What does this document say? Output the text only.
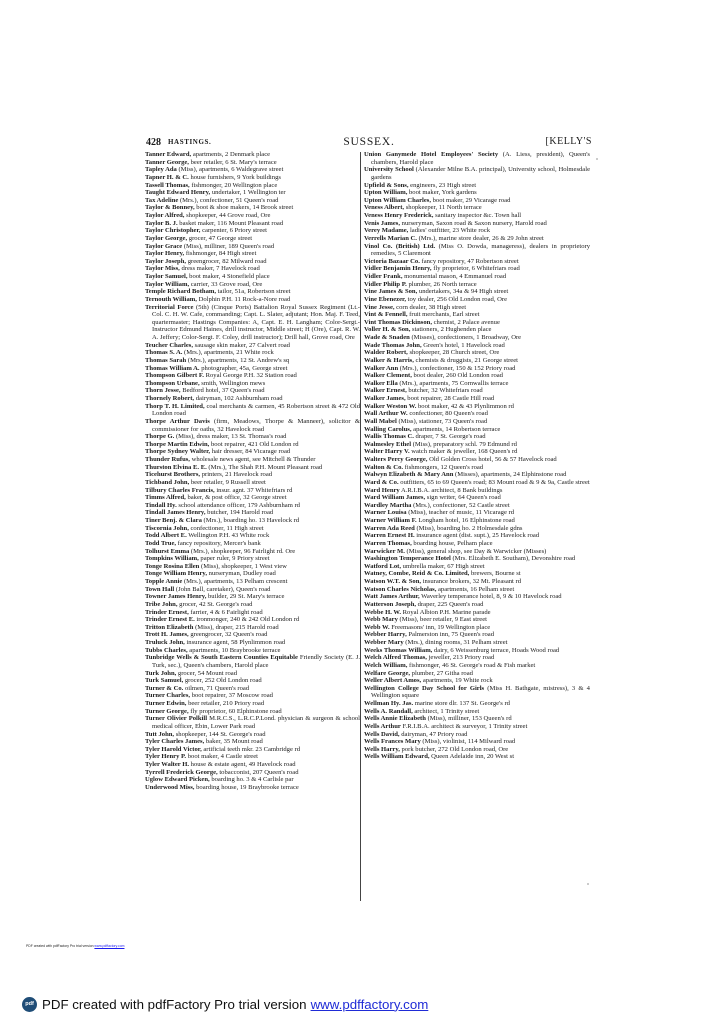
428 HASTINGS.	SUSSEX.	[KELLY'S
Tanner Edward, apartments, 2 Denmark place
Tanner George, beer retailer, 6 St. Mary's terrace
Tapley Ada (Miss), apartments, 6 Waldegrave street
Tapner H. & C. house furnishers, 9 York buildings
Tassell Thomas, fishmonger, 20 Wellington place
Taught Edward Henry, undertaker, 1 Wellington ter
Tax Adeline (Mrs.), confectioner, 51 Queen's road
Taylor & Bonney, boot & shoe makers, 14 Brook street
Taylor Alfred, shopkeeper, 44 Grove road, Ore
Taylor B. J. basket maker, 116 Mount Pleasant road
Taylor Christopher, carpenter, 6 Priory street
Taylor George, grocer, 47 George street
Taylor Grace (Miss), milliner, 189 Queen's road
Taylor Henry, fishmonger, 84 High street
Taylor Joseph, greengrocer, 82 Milward road
Taylor Miss, dress maker, 7 Havelock road
Taylor Samuel, boot maker, 4 Stonefield place
Taylor William, carrier, 33 Grove road, Ore
Temple Richard Botham, tailor, 51a, Robertson street
Ternouth William, Dolphin P.H. 11 Rock-a-Nore road
Territorial Force (5th) (Cinque Ports) Battalion Royal Sussex Regiment (Lt.-Col. C. H. W. Cafe, commanding; Capt. L. Slater, adjutant; Hon. Maj. F. Teed, quartermaster; Hastings Companies: A, Capt. E. H. Langham; Color-Sergt.-Instructor Edmund Haines, drill instructor, Middle street; H (Ore), Capt. R. W. A. Jeffery; Color-Sergt. F. Coley, drill instructor); Drill hall, Grove road, Ore
Teucher Charles, sausage skin maker, 27 Calvert road
Thomas S. A. (Mrs.), apartments, 21 White rock
Thomas Sarah (Mrs.), apartments, 12 St. Andrew's sq
Thomas William A. photographer, 45a, George street
Thompson Gilbert F. Royal George P.H. 32 Station road
Thompson Urbane, smith, Wellington mews
Thorn Jesse, Bedford hotel, 37 Queen's road
Thornely Robert, dairyman, 102 Ashburnham road
Thorp T. H. Limited, coal merchants & carmen, 45 Robertson street & 472 Old London road
Thorpe Arthur Davis (firm, Meadows, Thorpe & Manneer), solicitor & commissioner for oaths, 32 Havelock road
Thorpe G. (Miss), dress maker, 13 St. Thomas's road
Thorpe Martin Edwin, boot repairer, 421 Old London rd
Thorpe Sydney Walter, hair dresser, 84 Vicarage road
Thunder Rufus, wholesale news agent, see Mitchell & Thunder
Thurston Elvina E. E. (Mrs.), The Shah P.H. Mount Pleasant road
Ticehurst Brothers, printers, 21 Havelock road
Tichband John, beer retailer, 9 Russell street
Tilbury Charles Francis, insur. agnt. 37 Whitefriars rd
Timms Alfred, baker, & post office, 32 George street
Tindall Hy. school attendance officer, 179 Ashburnham rd
Tindall James Henry, butcher, 194 Harold road
Tiner Benj. & Clara (Mrs.), boarding ho. 13 Havelock rd
Tiscornia John, confectioner, 11 High street
Todd Albert E. Wellington P.H. 43 White rock
Todd True, fancy repository, Mercer's bank
Tolhurst Emma (Mrs.), shopkeeper, 96 Fairlight rd. Ore
Tompkins William, paper ruler, 9 Priory street
Tonge Rosina Ellen (Miss), shopkeeper, 1 West view
Tonge William Henry, nurseryman, Dudley road
Topple Annie (Mrs.), apartments, 13 Pelham crescent
Town Hall (John Ball, caretaker), Queen's road
Towner James Henry, builder, 29 St. Mary's terrace
Tribe John, grocer, 42 St. George's road
Trinder Ernest, farrier, 4 & 6 Fairlight road
Trinder Ernest E. ironmonger, 240 & 242 Old London rd
Tritton Elizabeth (Miss), draper, 215 Harold road
Trott H. James, greengrocer, 32 Queen's road
Truluck John, insurance agent, 58 Plynlimmon road
Tubbs Charles, apartments, 10 Braybrooke terrace
Tunbridge Wells & South Eastern Counties Equitable Friendly Society (E. J. Turk, sec.), Queen's chambers, Harold place
Turk John, grocer, 54 Mount road
Turk Samuel, grocer, 252 Old London road
Turner & Co. oilmen, 71 Queen's road
Turner Charles, boot repairer, 37 Moscow road
Turner Edwin, beer retailer, 210 Priory road
Turner George, fly proprietor, 60 Elphinstone road
Turner Olivier Polkill M.R.C.S., L.R.C.P.Lond. physician & surgeon & school medical officer, Ebin, Lower Park road
Tutt John, shopkeeper, 144 St. George's road
Tyler Charles James, baker, 35 Mount road
Tyler Harold Victor, artificial teeth mkr. 23 Cambridge rd
Tyler Henry P. boot maker, 4 Castle street
Tyler Walter H. house & estate agent, 49 Havelock road
Tyrrell Frederick George, tobacconist, 207 Queen's road
Uglow Edward Picken, boarding ho. 3 & 4 Carlisle par
Underwood Miss, boarding house, 19 Braybrooke terrace
Union Ganymede Hotel Employees' Society (A. Liess, president), Queen's chambers, Harold place
University School (Alexander Milne B.A. principal), University school, Holmesdale gardens
Upfield & Sons, engineers, 23 High street
Upton William, boot maker, York gardens
Upton William Charles, boot maker, 29 Vicarage road
Veness Albert, shopkeeper, 11 North terrace
Veness Henry Frederick, sanitary inspector &c. Town hall
Venis James, nurseryman, Saxon road & Saxon nursery, Harold road
Verey Madame, ladies' outfitter, 23 White rock
Verrells Marian C. (Mrs.), marine store dealer, 26 & 29 John street
Vinol Co. (British) Ltd. (Miss O. Dowda, manageress), dealers in proprietory remedies, 5 Claremont
Victoria Bazaar Co. fancy repository, 47 Robertson street
Vidler Benjamin Henry, fly proprietor, 6 Whitefriars road
Vidler Frank, monumental mason, 4 Emmanuel road
Vidler Philip P. plumber, 26 North terrace
Vine James & Son, undertakers, 34a & 94 High street
Vine Ebenezer, toy dealer, 256 Old London road, Ore
Vine Jesse, corn dealer, 38 High street
Vint & Fennell, fruit merchants, Earl street
Vint Thomas Dickinson, chemist, 2 Palace avenue
Voller H. & Son, stationers, 2 Hughenden place
Wade & Snaden (Misses), confectioners, 1 Broadway, Ore
Wade Thomas John, Green's hotel, 1 Havelock road
Walder Robert, shopkeeper, 28 Church street, Ore
Walker & Harris, chemists & druggists, 21 George street
Walker Ann (Mrs.), confectioner, 150 & 152 Priory road
Walker Clement, boot dealer, 260 Old London road
Walker Ella (Mrs.), apartments, 75 Cornwallis terrace
Walker Ernest, butcher, 32 Whitefriars road
Walker James, boot repairer, 28 Castle Hill road
Walker Weston W. boot maker, 42 & 43 Plynlimmon rd
Wall Arthur W. confectioner, 80 Queen's road
Wall Mabel (Miss), stationer, 73 Queen's road
Walling Carolus, apartments, 14 Robertson terrace
Wallis Thomas C. draper, 7 St. George's road
Walmesley Ethel (Miss), preparatory schl. 79 Edmund rd
Walter Harry V. watch maker & jeweller, 168 Queen's rd
Walters Percy George, Old Golden Cross hotel, 56 & 57 Havelock road
Walton & Co. fishmongers, 12 Queen's road
Walwyn Elizabeth & Mary Ann (Misses), apartments, 24 Elphinstone road
Ward & Co. outfitters, 65 to 69 Queen's road; 83 Mount road & 9 & 9a, Castle street
Ward Henry A.R.I.B.A. architect, 8 Bank buildings
Ward William James, sign writer, 64 Queen's road
Wardley Martha (Mrs.), confectioner, 52 Castle street
Warner Louisa (Miss), teacher of music, 11 Vicarage rd
Warner William F. Longham hotel, 16 Elphinstone road
Warren Ada Reed (Miss), boarding ho. 2 Holmesdale gdns
Warren Ernest H. insurance agent (dist. supt.), 25 Havelock road
Warren Thomas, boarding house, Pelham place
Warwicker M. (Miss), general shop, see Day & Warwicker (Misses)
Washington Temperance Hotel (Mrs. Elizabeth E. Southam), Devonshire road
Watford Lot, umbrella maker, 67 High street
Watney, Combe, Reid & Co. Limited, brewers, Bourne st
Watson W.T. & Son, insurance brokers, 32 Mt. Pleasant rd
Watson Charles Nicholas, apartments, 16 Pelham street
Watt James Arthur, Waverley temperance hotel, 8, 9 & 10 Havelock road
Watterson Joseph, draper, 225 Queen's road
Webbe H. W. Royal Albion P.H. Marine parade
Webb Mary (Miss), beer retailer, 9 East street
Webb W. Freemasons' inn, 19 Wellington place
Webber Harry, Palmerston inn, 75 Queen's road
Webber Mary (Mrs.), dining rooms, 31 Pelham street
Weeks Thomas William, dairy, 6 Weissenburg terrace, Hoads Wood road
Welch Alfred Thomas, jeweller, 213 Priory road
Welch William, fishmonger, 46 St. George's road & Fish market
Welfare George, plumber, 27 Githa road
Weller Albert Amos, apartments, 19 White rock
Wellington College Day School for Girls (Miss H. Bathgate, mistress), 3 & 4 Wellington square
Wellman Hy. Jas. marine store dlr. 137 St. George's rd
Wells A. Randall, architect, 1 Trinity street
Wells Annie Elizabeth (Miss), milliner, 153 Queen's rd
Wells Arthur F.R.I.B.A. architect & surveyor, 1 Trinity street
Wells David, dairyman, 47 Priory road
Wells Frances Mary (Miss), violinist, 114 Milward road
Wells Harry, pork butcher, 272 Old London road, Ore
Wells William Edward, Queen Adelaide inn, 20 West st
PDF created with pdfFactory Pro trial version www.pdffactory.com
pdf PDF created with pdfFactory Pro trial version www.pdffactory.com
